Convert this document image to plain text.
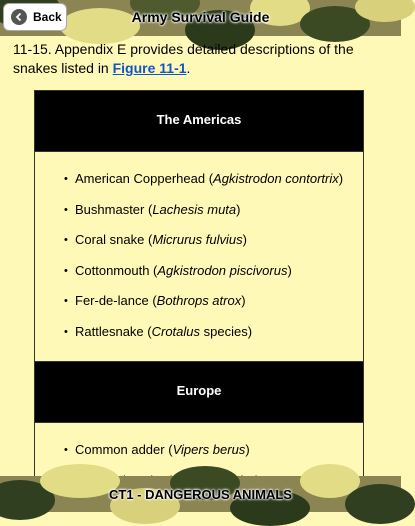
Army Survival Guide
Back
11-15. Appendix E provides detailed descriptions of the snakes listed in Figure 11-1.
The Americas
• American Copperhead (Agkistrodon contortrix)
• Bushmaster (Lachesis muta)
• Coral snake (Micrurus fulvius)
• Cottonmouth (Agkistrodon piscivorus)
• Fer-de-lance (Bothrops atrox)
• Rattlesnake (Crotalus species)
Europe
• Common adder (Vipers berus)
•
CT1 - DANGEROUS ANIMALS
